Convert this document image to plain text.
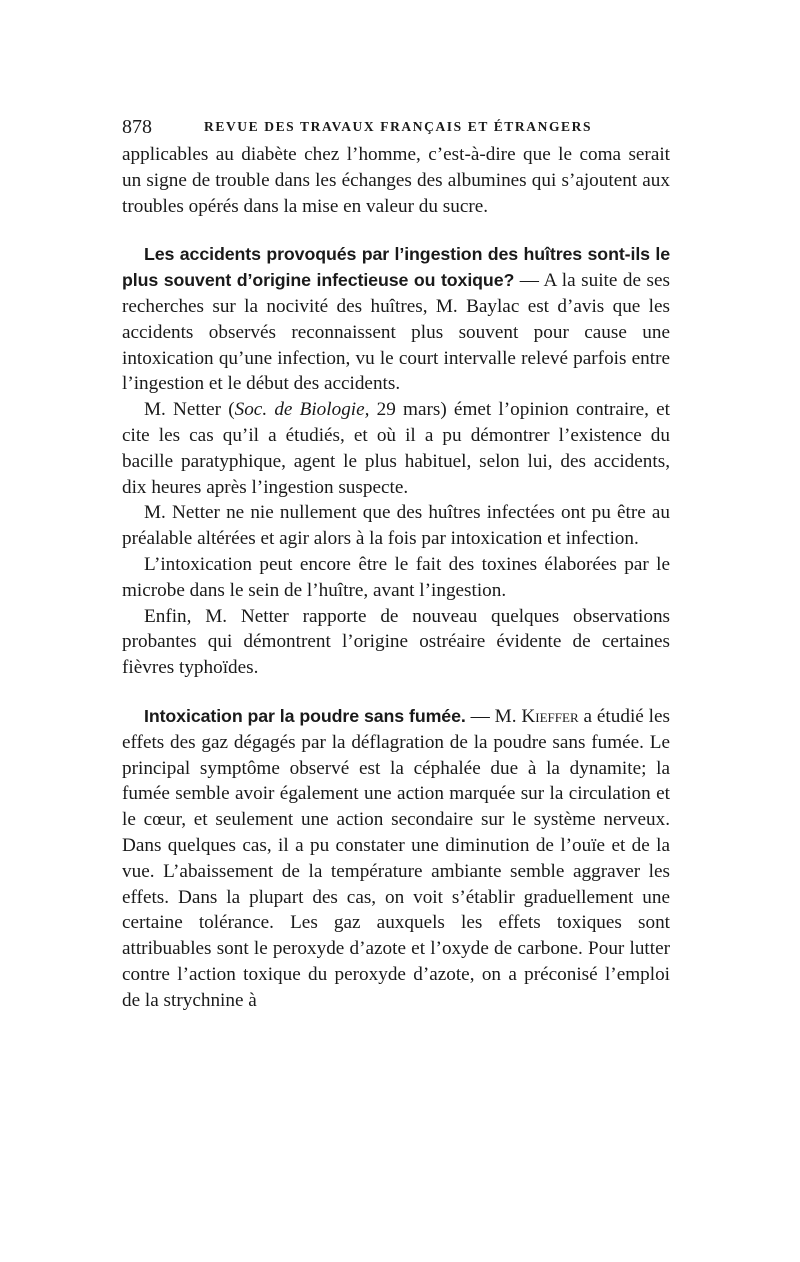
878	REVUE DES TRAVAUX FRANÇAIS ET ÉTRANGERS

applicables au diabète chez l’homme, c’est-à-dire que le coma serait un signe de trouble dans les échanges des albumines qui s’ajoutent aux troubles opérés dans la mise en valeur du sucre.

Les accidents provoqués par l’ingestion des huîtres sont-ils le plus souvent d’origine infectieuse ou toxique? — A la suite de ses recherches sur la nocivité des huîtres, M. Baylac est d’avis que les accidents observés reconnaissent plus souvent pour cause une intoxication qu’une infection, vu le court intervalle relevé parfois entre l’ingestion et le début des accidents.

M. Netter (Soc. de Biologie, 29 mars) émet l’opinion contraire, et cite les cas qu’il a étudiés, et où il a pu démontrer l’existence du bacille paratyphique, agent le plus habituel, selon lui, des accidents, dix heures après l’ingestion suspecte.

M. Netter ne nie nullement que des huîtres infectées ont pu être au préalable altérées et agir alors à la fois par intoxication et infection.

L’intoxication peut encore être le fait des toxines élaborées par le microbe dans le sein de l’huître, avant l’ingestion.

Enfin, M. Netter rapporte de nouveau quelques observations probantes qui démontrent l’origine ostréaire évidente de certaines fièvres typhoïdes.

Intoxication par la poudre sans fumée. — M. Kieffer a étudié les effets des gaz dégagés par la déflagration de la poudre sans fumée. Le principal symptôme observé est la céphalée due à la dynamite; la fumée semble avoir également une action marquée sur la circulation et le cœur, et seulement une action secondaire sur le système nerveux. Dans quelques cas, il a pu constater une diminution de l’ouïe et de la vue. L’abaissement de la température ambiante semble aggraver les effets. Dans la plupart des cas, on voit s’établir graduellement une certaine tolérance. Les gaz auxquels les effets toxiques sont attribuables sont le peroxyde d’azote et l’oxyde de carbone. Pour lutter contre l’action toxique du peroxyde d’azote, on a préconisé l’emploi de la strychnine à
